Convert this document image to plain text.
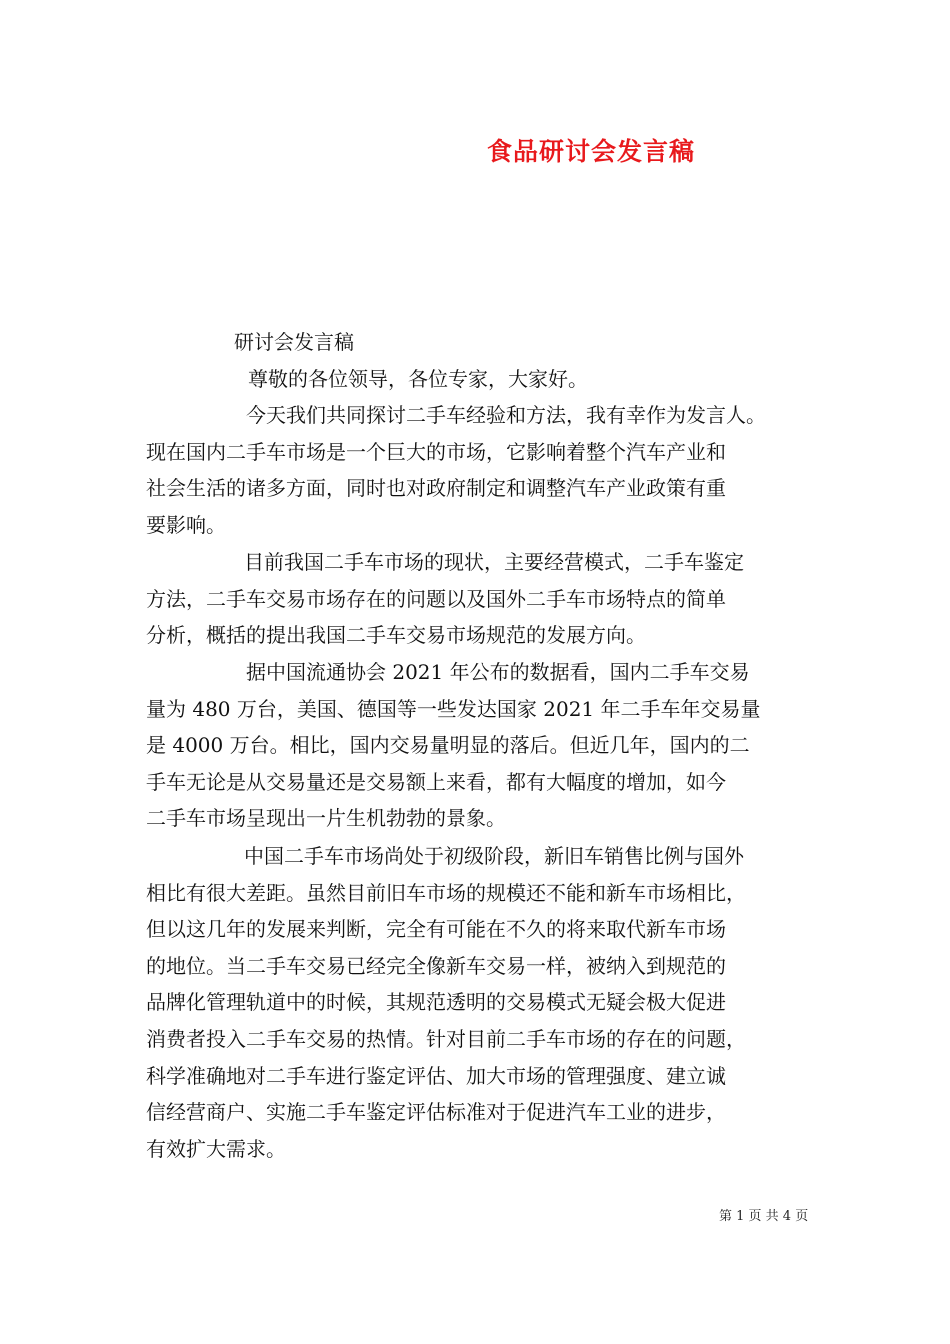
食品研讨会发言稿
研讨会发言稿
尊敬的各位领导，各位专家，大家好。
今天我们共同探讨二手车经验和方法，我有幸作为发言人。
现在国内二手车市场是一个巨大的市场，它影响着整个汽车产业和
社会生活的诸多方面，同时也对政府制定和调整汽车产业政策有重
要影响。
目前我国二手车市场的现状，主要经营模式，二手车鉴定
方法，二手车交易市场存在的问题以及国外二手车市场特点的简单
分析，概括的提出我国二手车交易市场规范的发展方向。
据中国流通协会 2021 年公布的数据看，国内二手车交易
量为 480 万台，美国、德国等一些发达国家 2021 年二手车年交易量
是 4000 万台。相比，国内交易量明显的落后。但近几年，国内的二
手车无论是从交易量还是交易额上来看，都有大幅度的增加，如今
二手车市场呈现出一片生机勃勃的景象。
中国二手车市场尚处于初级阶段，新旧车销售比例与国外
相比有很大差距。虽然目前旧车市场的规模还不能和新车市场相比，
但以这几年的发展来判断，完全有可能在不久的将来取代新车市场
的地位。当二手车交易已经完全像新车交易一样，被纳入到规范的
品牌化管理轨道中的时候，其规范透明的交易模式无疑会极大促进
消费者投入二手车交易的热情。针对目前二手车市场的存在的问题，
科学准确地对二手车进行鉴定评估、加大市场的管理强度、建立诚
信经营商户、实施二手车鉴定评估标准对于促进汽车工业的进步，
有效扩大需求。
第 1 页 共 4 页
